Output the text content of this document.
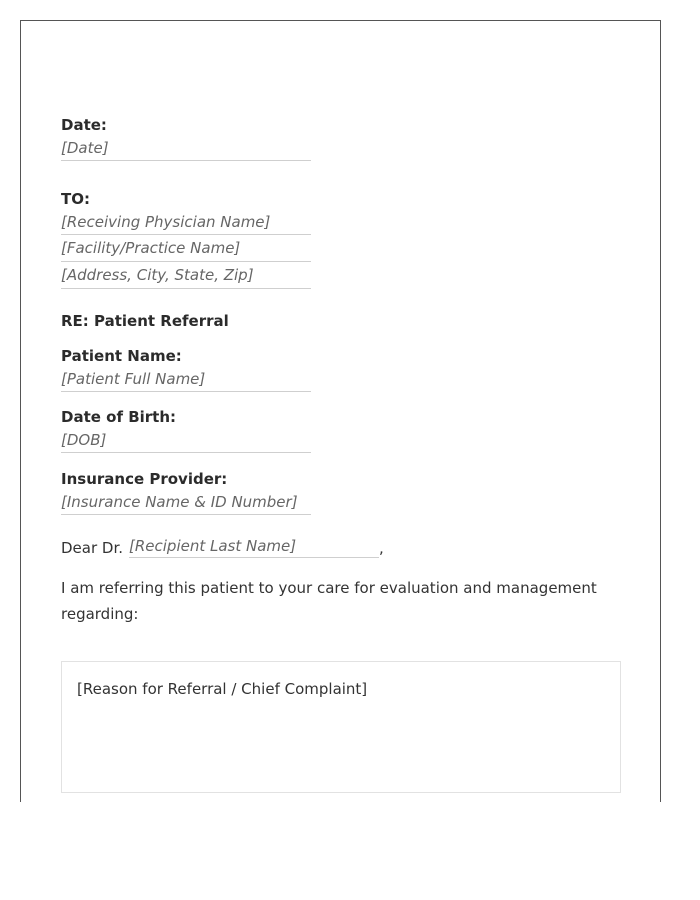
Date:
[Date]
TO:
[Receiving Physician Name]
[Facility/Practice Name]
[Address, City, State, Zip]
RE: Patient Referral
Patient Name:
[Patient Full Name]
Date of Birth:
[DOB]
Insurance Provider:
[Insurance Name & ID Number]
Dear Dr. [Recipient Last Name]	,
I am referring this patient to your care for evaluation and management regarding:
[Reason for Referral / Chief Complaint]
